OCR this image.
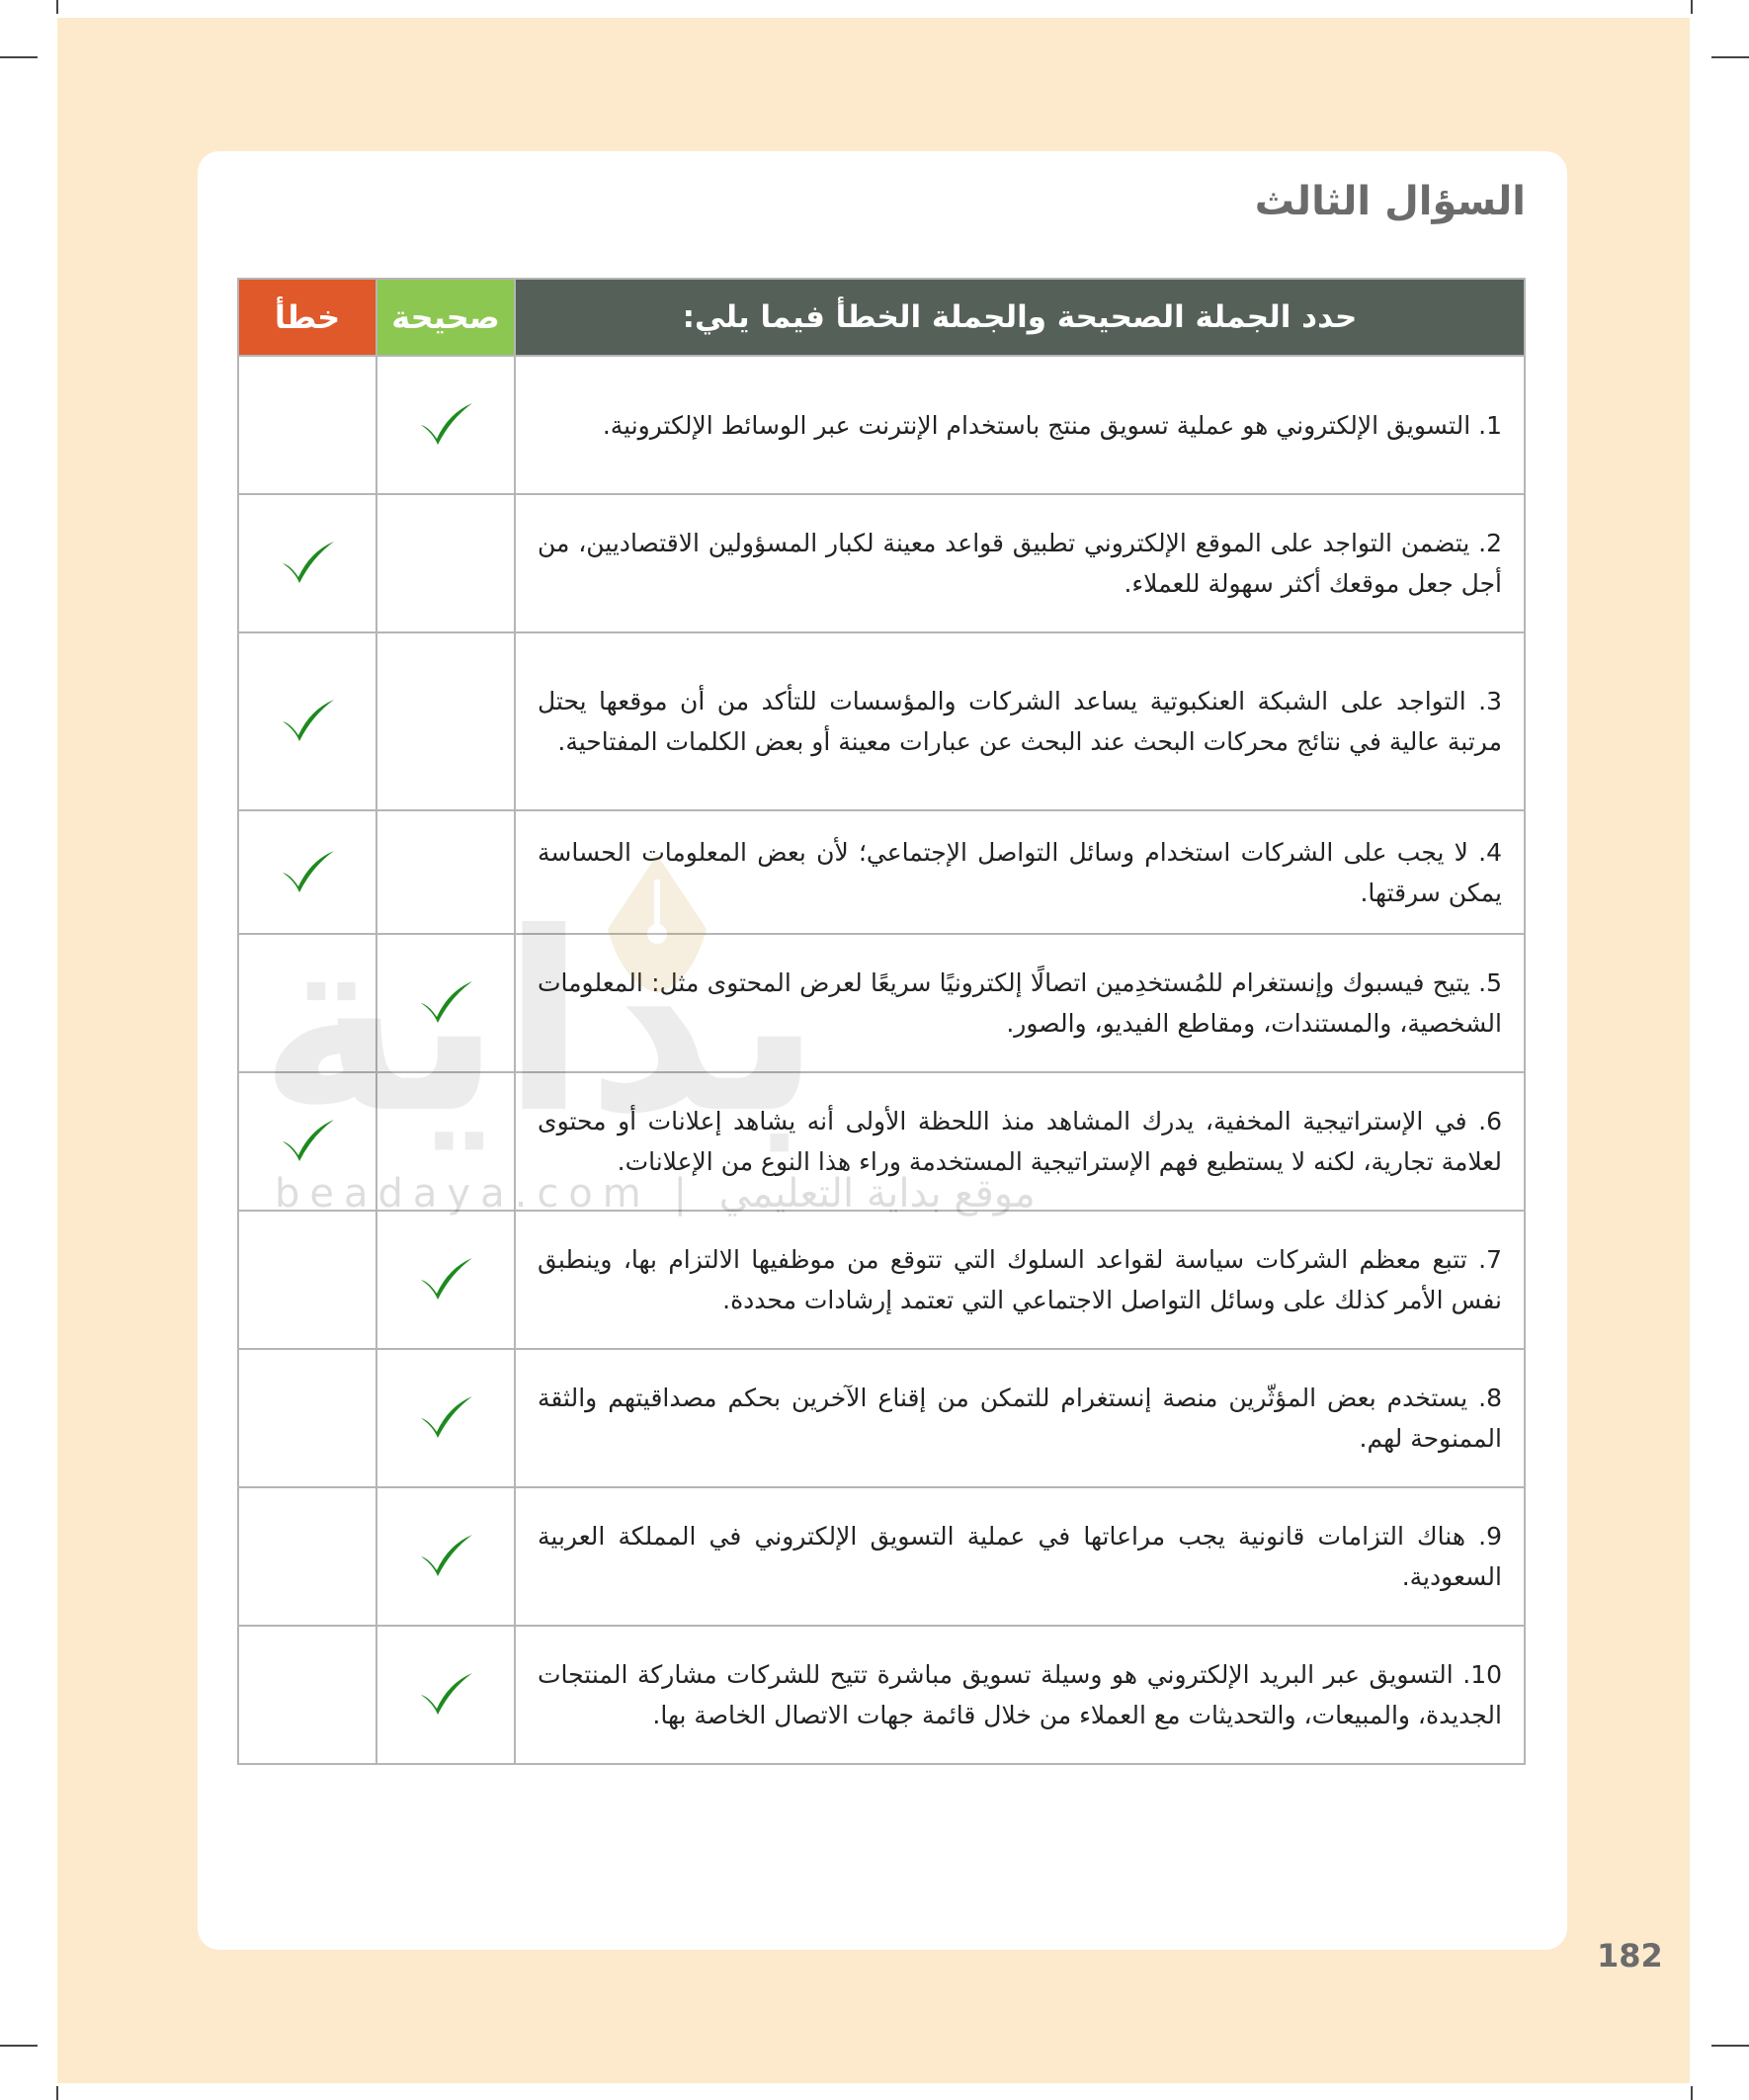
السؤال الثالث
خطأ	صحيحة	حدد الجملة الصحيحة والجملة الخطأ فيما يلي:
		1. التسويق الإلكتروني هو عملية تسويق منتج باستخدام الإنترنت عبر الوسائط الإلكترونية.
		2. يتضمن التواجد على الموقع الإلكتروني تطبيق قواعد معينة لكبار المسؤولين الاقتصاديين، من أجل جعل موقعك أكثر سهولة للعملاء.
		3. التواجد على الشبكة العنكبوتية يساعد الشركات والمؤسسات للتأكد من أن موقعها يحتل مرتبة عالية في نتائج محركات البحث عند البحث عن عبارات معينة أو بعض الكلمات المفتاحية.
		4. لا يجب على الشركات استخدام وسائل التواصل الإجتماعي؛ لأن بعض المعلومات الحساسة يمكن سرقتها.
		5. يتيح فيسبوك وإنستغرام للمُستخدِمين اتصالًا إلكترونيًا سريعًا لعرض المحتوى مثل: المعلومات الشخصية، والمستندات، ومقاطع الفيديو، والصور.
		6. في الإستراتيجية المخفية، يدرك المشاهد منذ اللحظة الأولى أنه يشاهد إعلانات أو محتوى لعلامة تجارية، لكنه لا يستطيع فهم الإستراتيجية المستخدمة وراء هذا النوع من الإعلانات.
		7. تتبع معظم الشركات سياسة لقواعد السلوك التي تتوقع من موظفيها الالتزام بها، وينطبق نفس الأمر كذلك على وسائل التواصل الاجتماعي التي تعتمد إرشادات محددة.
		8. يستخدم بعض المؤثّرين منصة إنستغرام للتمكن من إقناع الآخرين بحكم مصداقيتهم والثقة الممنوحة لهم.
		9. هناك التزامات قانونية يجب مراعاتها في عملية التسويق الإلكتروني في المملكة العربية السعودية.
		10. التسويق عبر البريد الإلكتروني هو وسيلة تسويق مباشرة تتيح للشركات مشاركة المنتجات الجديدة، والمبيعات، والتحديثات مع العملاء من خلال قائمة جهات الاتصال الخاصة بها.
بداية
beadaya.com | موقع بداية التعليمي
182
